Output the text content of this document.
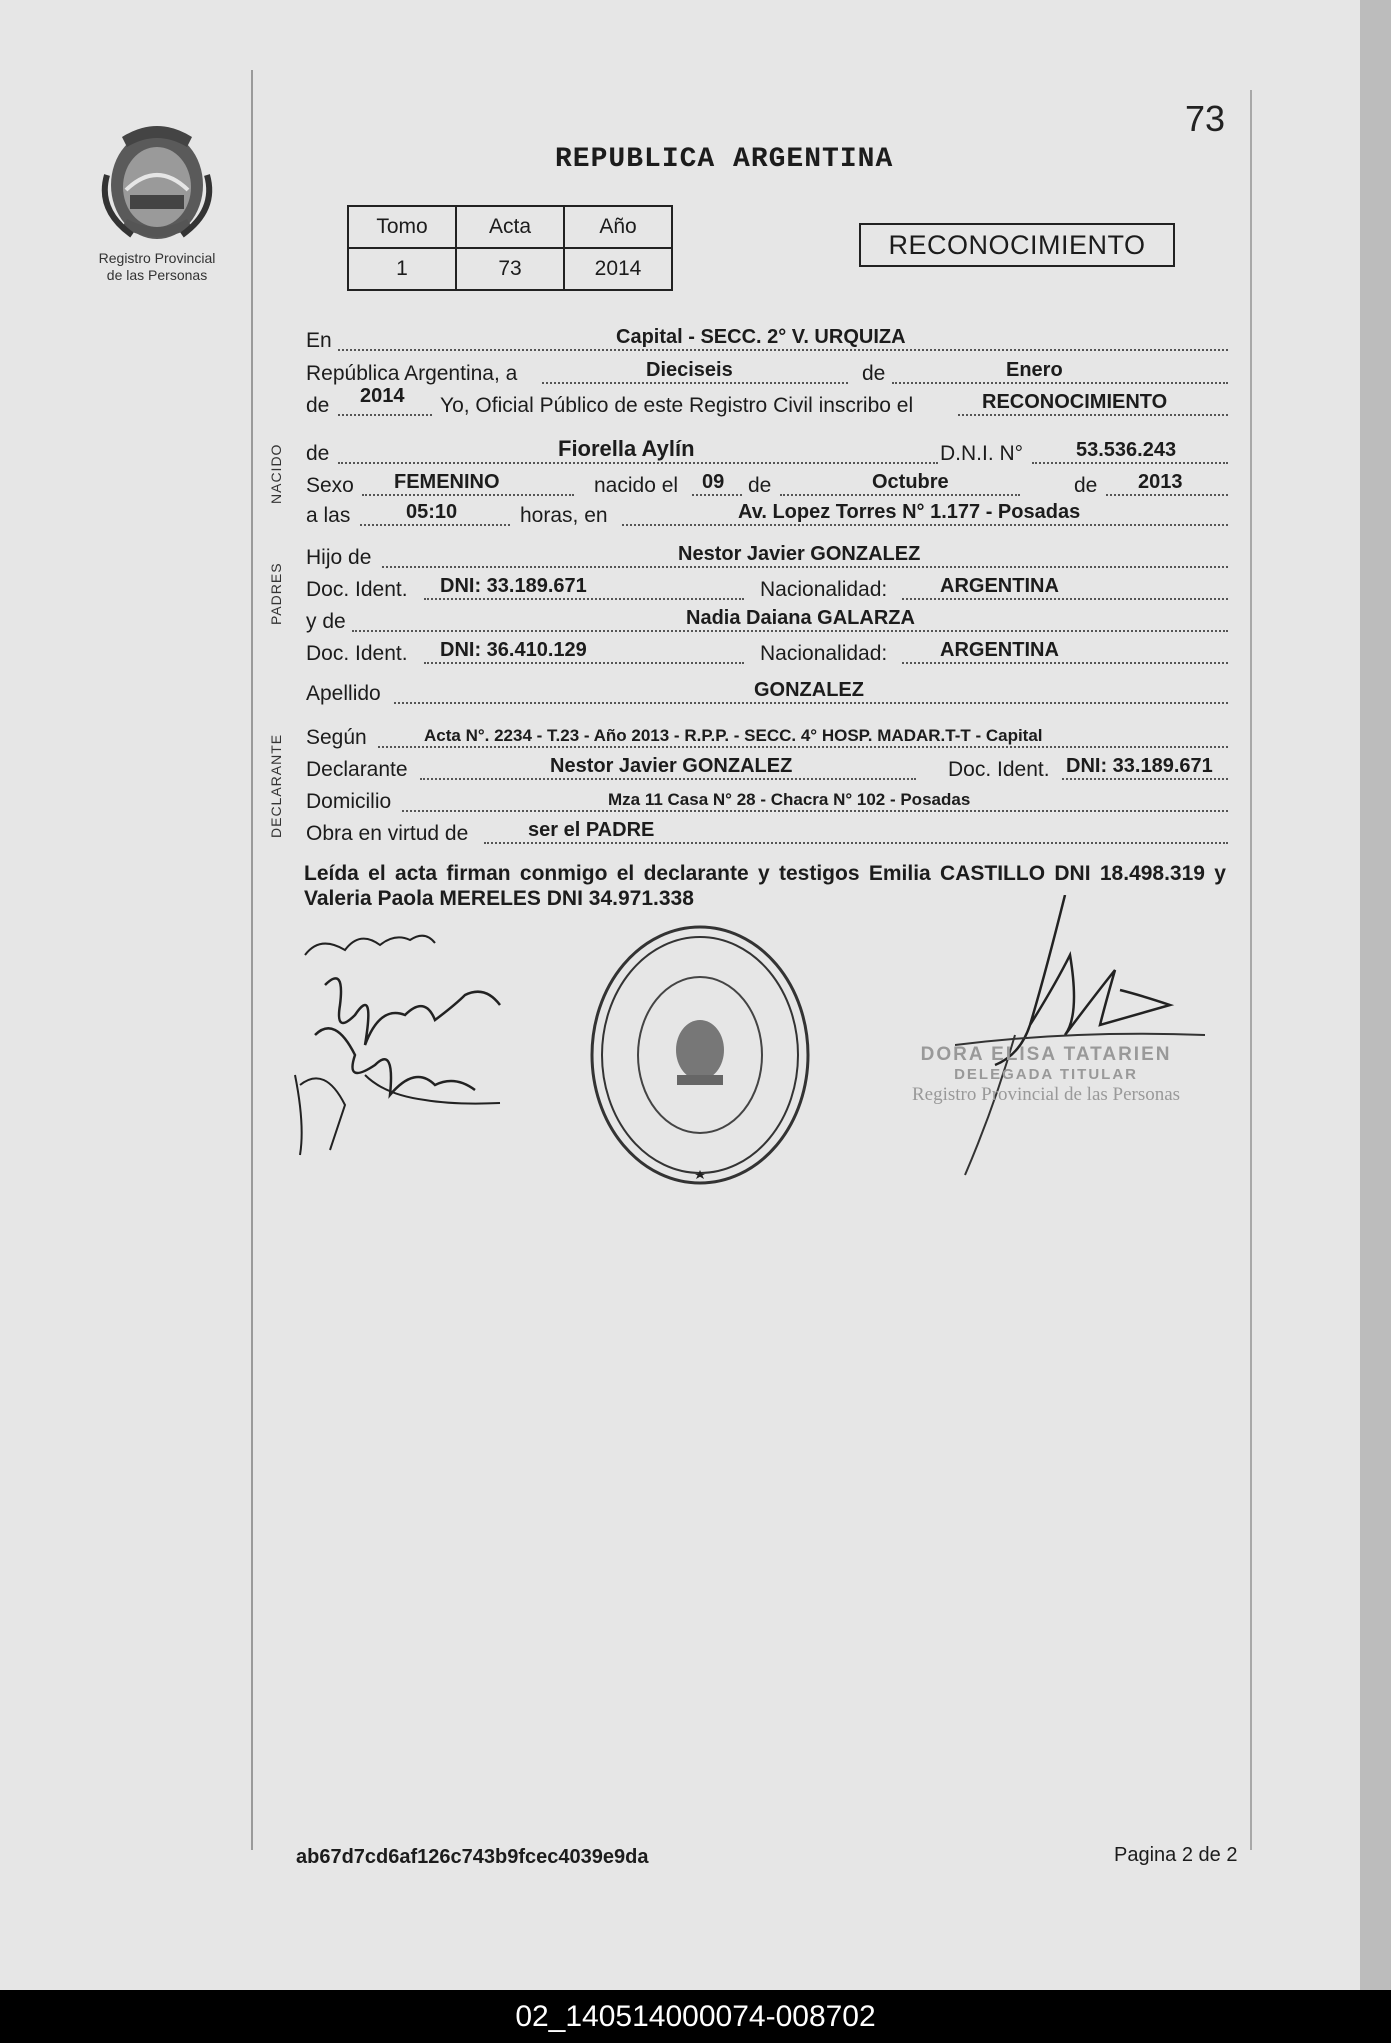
Registro Provincial
de las Personas
73
REPUBLICA ARGENTINA
Tomo	Acta	Año
1	73	2014
RECONOCIMIENTO
En	Capital - SECC. 2° V. URQUIZA
República Argentina, a	Dieciseis	de	Enero
de 2014 Yo, Oficial Público de este Registro Civil inscribo el	RECONOCIMIENTO
de	Fiorella Aylín	D.N.I. N°	53.536.243
Sexo FEMENINO	nacido el 09 de	Octubre	de 2013
a las	05:10	horas, en	Av. Lopez Torres N° 1.177 - Posadas
Hijo de	Nestor Javier GONZALEZ
Doc. Ident. DNI: 33.189.671	Nacionalidad:	ARGENTINA
y de	Nadia Daiana GALARZA
Doc. Ident. DNI: 36.410.129	Nacionalidad:	ARGENTINA
Apellido	GONZALEZ
Según	Acta N°. 2234 - T.23 - Año 2013 - R.P.P. - SECC. 4° HOSP. MADAR.T-T - Capital
Declarante	Nestor Javier GONZALEZ	Doc. Ident. DNI: 33.189.671
Domicilio	Mza 11 Casa N° 28 - Chacra N° 102 - Posadas
Obra en virtud de	ser el PADRE
NACIDO
PADRES
DECLARANTE
Leída el acta firman conmigo el declarante y testigos Emilia CASTILLO DNI 18.498.319 y Valeria Paola MERELES DNI 34.971.338
DORA ELISA TATARIEN
DELEGADA TITULAR
Registro Provincial de las Personas
ab67d7cd6af126c743b9fcec4039e9da	Pagina 2 de 2
02_140514000074-008702
